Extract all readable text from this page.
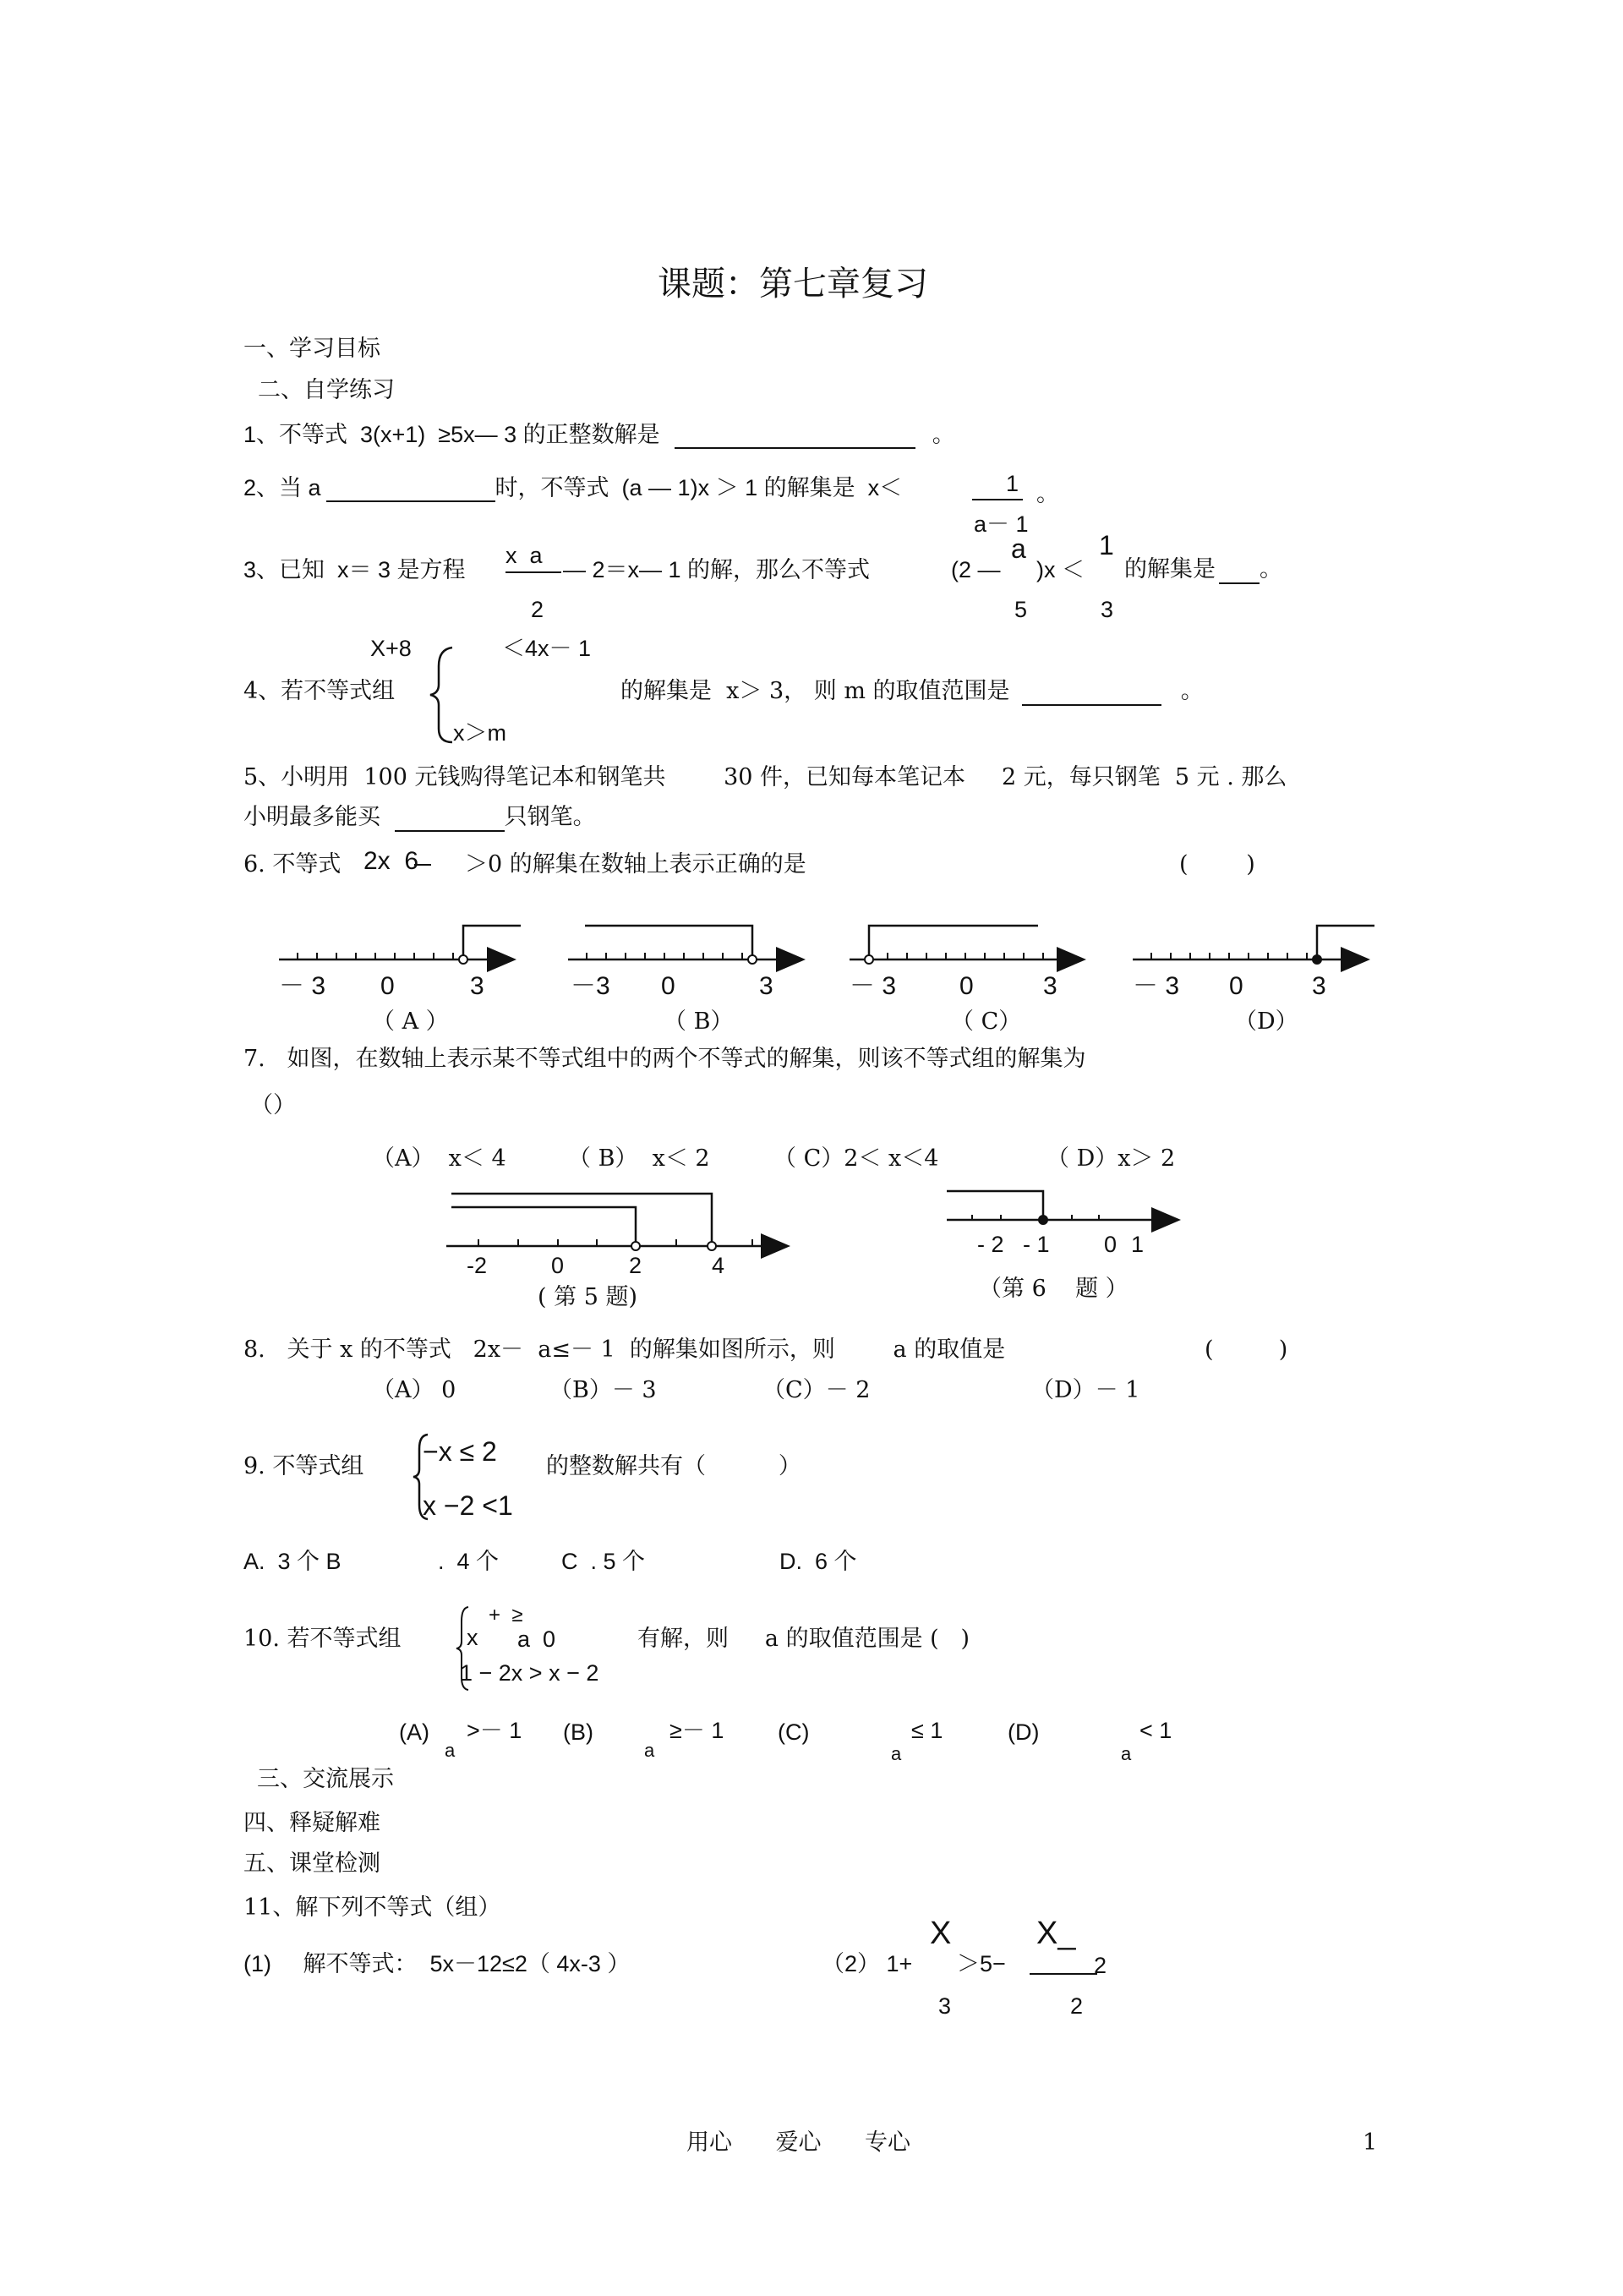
课题：第七章复习
一、学习目标
二、自学练习
1、不等式  3(x+1)  ≥5x— 3 的正整数解是	。
2、当 a	时，不等式  (a — 1)x ＞ 1 的解集是  x＜	1
a－ 1
。
3、已知  x＝ 3 是方程
x  a
2
— 2＝x— 1 的解，那么不等式	(2 —
a
5
)x ＜
1
3
的解集是 。
X+8	＜4x－ 1
x＞m
4、若不等式组	的解集是  x＞ 3， 则 m 的取值范围是	。
5、小明用  100 元钱购得笔记本和钢笔共        30 件，已知每本笔记本     2 元，每只钢笔  5 元 . 那么
小明最多能买	只钢笔。
6. 不等式 2x  6 ＞0 的解集在数轴上表示正确的是	(        )
－ 3 0	3
（ A ）
－3 0	3
（ B）
－ 3 0	3
（ C）
－ 3 0	3
（D）
7.   如图，在数轴上表示某不等式组中的两个不等式的解集，则该不等式组的解集为
（）
（A）  x＜ 4	（ B）  x＜ 2	（ C）2＜ x＜4	（ D）x＞ 2
-2	0	2	4
( 第 5 题)
- 2 - 1 0 1
（第 6    题 ）
8.   关于 x 的不等式   2x－  a≤－ 1  的解集如图所示，则        a 的取值是	(         )
（A） 0	（B）－ 3	（C）－ 2	（D）－ 1
9. 不等式组 −x ≤ 2
x −2 <1
的整数解共有（          ）
A.  3 个 B	.  4 个	C  . 5 个	D.  6 个
10. 若不等式组	x
+  ≥
a  0
1 − 2x > x − 2
有解，则     a 的取值范围是 (   )
(A)
a
>－ 1 (B)
a
≥－ 1 (C)
a
≤ 1	(D)
a
< 1
三、交流展示
四、释疑解难
五、课堂检测
11、解下列不等式（组）
(1)     解不等式：  5x－12≤2（ 4x-3 ）	（2） 1+
X
3
＞5−
X_
2
2
用心      爱心      专心	1
